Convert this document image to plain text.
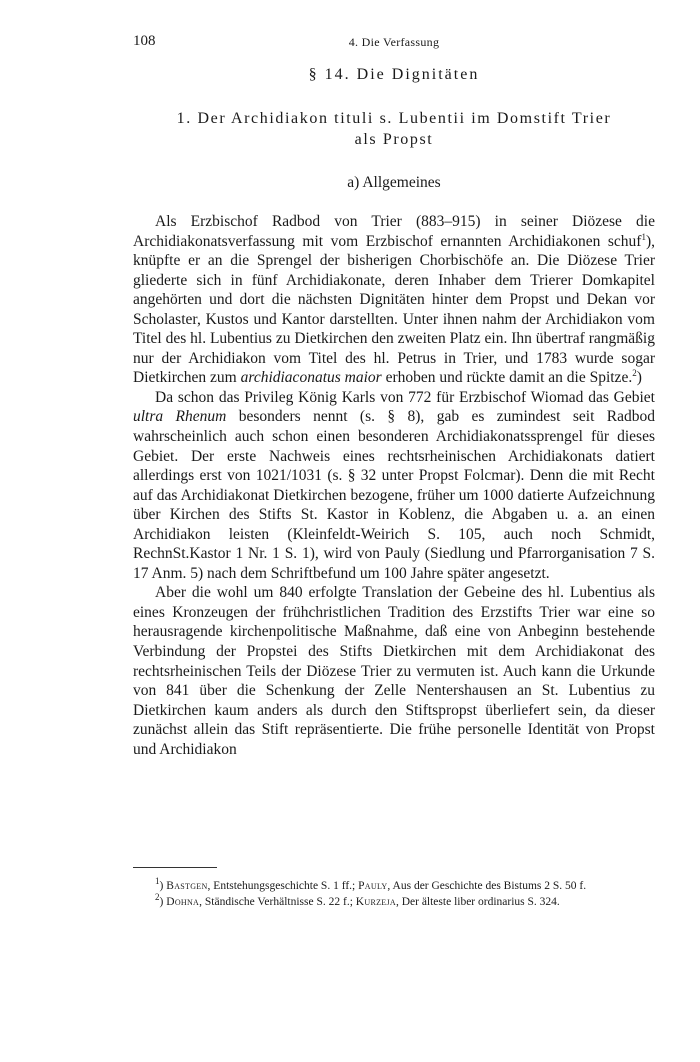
108	4. Die Verfassung
§ 14. Die Dignitäten
1. Der Archidiakon tituli s. Lubentii im Domstift Trier
als Propst
a) Allgemeines

Als Erzbischof Radbod von Trier (883–915) in seiner Diözese die Archidiakonatsverfassung mit vom Erzbischof ernannten Archidiakonen schuf$^1$), knüpfte er an die Sprengel der bisherigen Chorbischöfe an. Die Diözese Trier gliederte sich in fünf Archidiakonate, deren Inhaber dem Trierer Domkapitel angehörten und dort die nächsten Dignitäten hinter dem Propst und Dekan vor Scholaster, Kustos und Kantor darstellten. Unter ihnen nahm der Archidiakon vom Titel des hl. Lubentius zu Dietkirchen den zweiten Platz ein. Ihn übertraf rangmäßig nur der Archidiakon vom Titel des hl. Petrus in Trier, und 1783 wurde sogar Dietkirchen zum archidiaconatus maior erhoben und rückte damit an die Spitze.$^2$)

Da schon das Privileg König Karls von 772 für Erzbischof Wiomad das Gebiet ultra Rhenum besonders nennt (s. § 8), gab es zumindest seit Radbod wahrscheinlich auch schon einen besonderen Archidiakonatssprengel für dieses Gebiet. Der erste Nachweis eines rechtsrheinischen Archidiakonats datiert allerdings erst von 1021/1031 (s. § 32 unter Propst Folcmar). Denn die mit Recht auf das Archidiakonat Dietkirchen bezogene, früher um 1000 datierte Aufzeichnung über Kirchen des Stifts St. Kastor in Koblenz, die Abgaben u. a. an einen Archidiakon leisten (Kleinfeldt-Weirich S. 105, auch noch Schmidt, RechnSt.Kastor 1 Nr. 1 S. 1), wird von Pauly (Siedlung und Pfarrorganisation 7 S. 17 Anm. 5) nach dem Schriftbefund um 100 Jahre später angesetzt.

Aber die wohl um 840 erfolgte Translation der Gebeine des hl. Lubentius als eines Kronzeugen der frühchristlichen Tradition des Erzstifts Trier war eine so herausragende kirchenpolitische Maßnahme, daß eine von Anbeginn bestehende Verbindung der Propstei des Stifts Dietkirchen mit dem Archidiakonat des rechtsrheinischen Teils der Diözese Trier zu vermuten ist. Auch kann die Urkunde von 841 über die Schenkung der Zelle Nentershausen an St. Lubentius zu Dietkirchen kaum anders als durch den Stiftspropst überliefert sein, da dieser zunächst allein das Stift repräsentierte. Die frühe personelle Identität von Propst und Archidiakon

$^1$) Bastgen, Entstehungsgeschichte S. 1 ff.; Pauly, Aus der Geschichte des Bistums 2 S. 50 f.

$^2$) Dohna, Ständische Verhältnisse S. 22 f.; Kurzeja, Der älteste liber ordinarius S. 324.
